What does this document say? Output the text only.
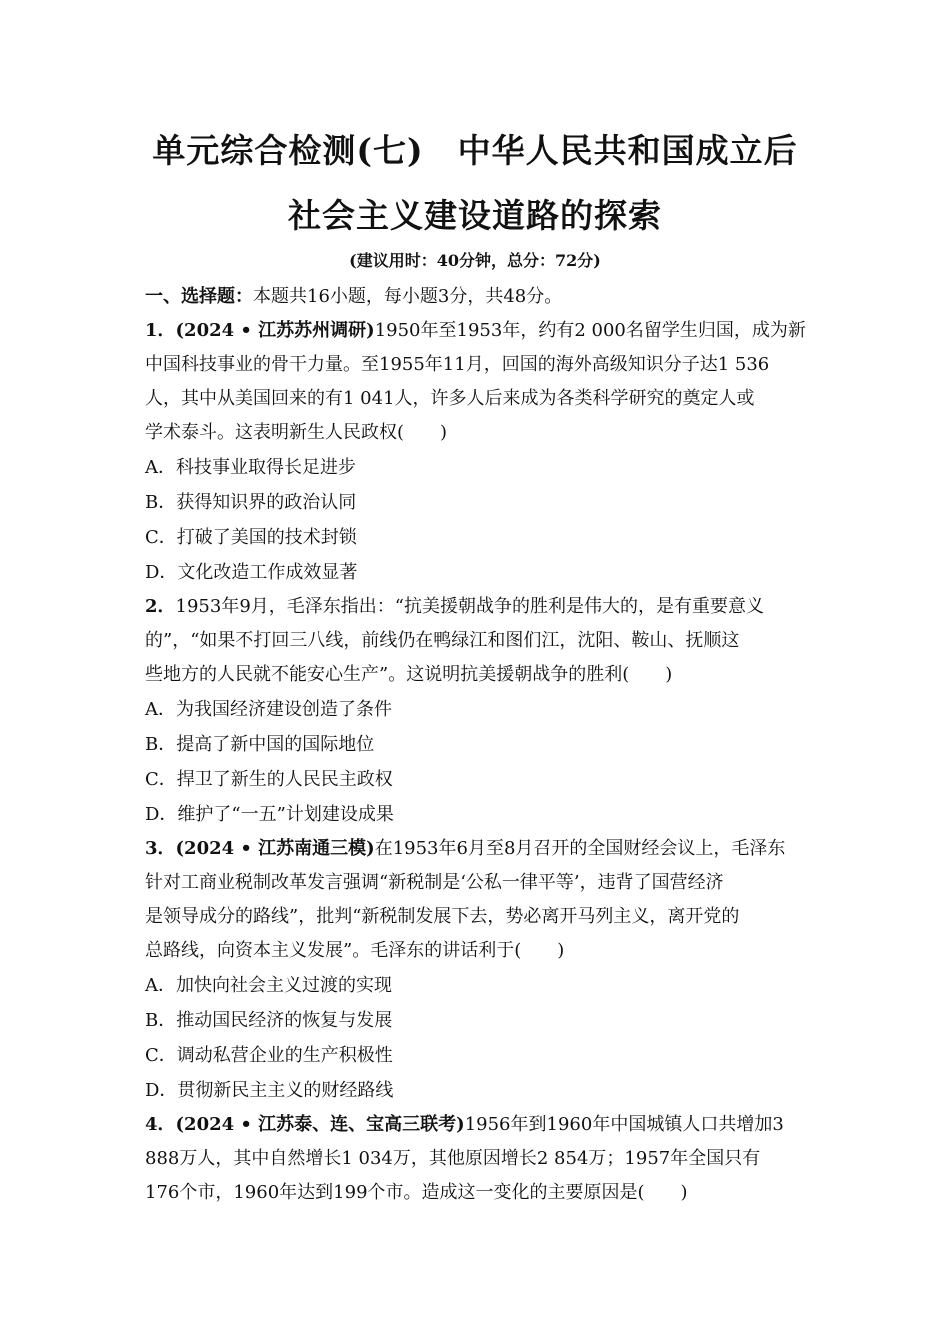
单元综合检测(七)　中华人民共和国成立后
社会主义建设道路的探索
(建议用时：40分钟，总分：72分)
一、选择题：本题共16小题，每小题3分，共48分。
1．(2024 • 江苏苏州调研)1950年至1953年，约有2 000名留学生归国，成为新
中国科技事业的骨干力量。至1955年11月，回国的海外高级知识分子达1 536
人，其中从美国回来的有1 041人，许多人后来成为各类科学研究的奠定人或
学术泰斗。这表明新生人民政权(　　)
A．科技事业取得长足进步
B．获得知识界的政治认同
C．打破了美国的技术封锁
D．文化改造工作成效显著
2．1953年9月，毛泽东指出：“抗美援朝战争的胜利是伟大的，是有重要意义
的”，“如果不打回三八线，前线仍在鸭绿江和图们江，沈阳、鞍山、抚顺这
些地方的人民就不能安心生产”。这说明抗美援朝战争的胜利(　　)
A．为我国经济建设创造了条件
B．提高了新中国的国际地位
C．捍卫了新生的人民民主政权
D．维护了“一五”计划建设成果
3．(2024 • 江苏南通三模)在1953年6月至8月召开的全国财经会议上，毛泽东
针对工商业税制改革发言强调“新税制是‘公私一律平等’，违背了国营经济
是领导成分的路线”，批判“新税制发展下去，势必离开马列主义，离开党的
总路线，向资本主义发展”。毛泽东的讲话利于(　　)
A．加快向社会主义过渡的实现
B．推动国民经济的恢复与发展
C．调动私营企业的生产积极性
D．贯彻新民主主义的财经路线
4．(2024 • 江苏泰、连、宝高三联考)1956年到1960年中国城镇人口共增加3
888万人，其中自然增长1 034万，其他原因增长2 854万；1957年全国只有
176个市，1960年达到199个市。造成这一变化的主要原因是(　　)
